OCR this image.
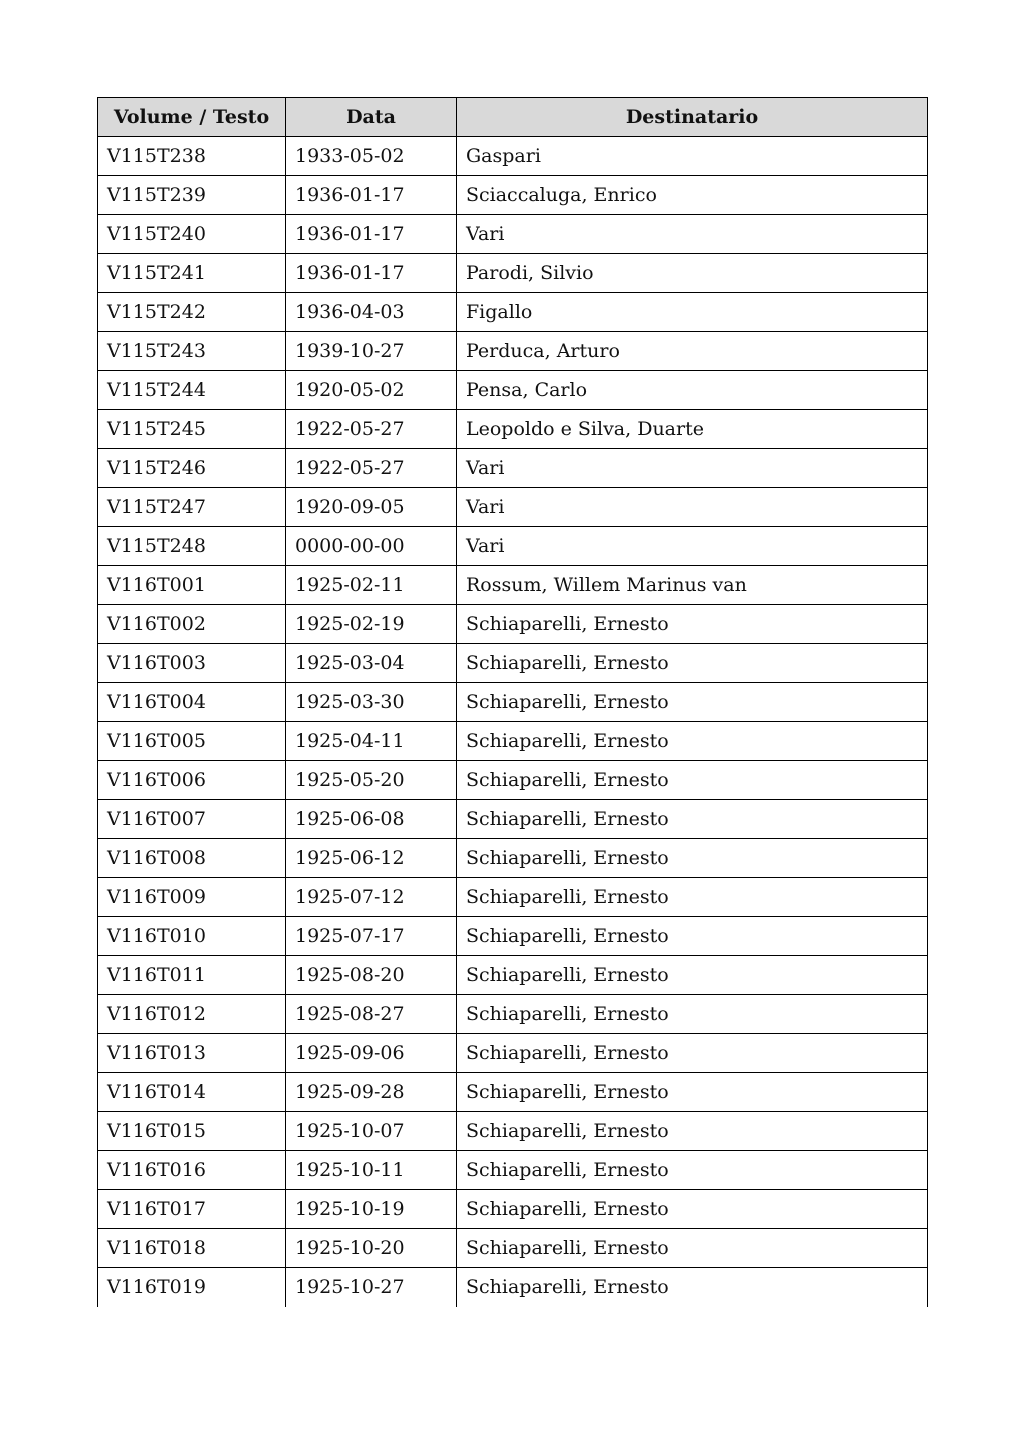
Volume / Testo	Data	Destinatario
V115T238	1933-05-02	Gaspari
V115T239	1936-01-17	Sciaccaluga, Enrico
V115T240	1936-01-17	Vari
V115T241	1936-01-17	Parodi, Silvio
V115T242	1936-04-03	Figallo
V115T243	1939-10-27	Perduca, Arturo
V115T244	1920-05-02	Pensa, Carlo
V115T245	1922-05-27	Leopoldo e Silva, Duarte
V115T246	1922-05-27	Vari
V115T247	1920-09-05	Vari
V115T248	0000-00-00	Vari
V116T001	1925-02-11	Rossum, Willem Marinus van
V116T002	1925-02-19	Schiaparelli, Ernesto
V116T003	1925-03-04	Schiaparelli, Ernesto
V116T004	1925-03-30	Schiaparelli, Ernesto
V116T005	1925-04-11	Schiaparelli, Ernesto
V116T006	1925-05-20	Schiaparelli, Ernesto
V116T007	1925-06-08	Schiaparelli, Ernesto
V116T008	1925-06-12	Schiaparelli, Ernesto
V116T009	1925-07-12	Schiaparelli, Ernesto
V116T010	1925-07-17	Schiaparelli, Ernesto
V116T011	1925-08-20	Schiaparelli, Ernesto
V116T012	1925-08-27	Schiaparelli, Ernesto
V116T013	1925-09-06	Schiaparelli, Ernesto
V116T014	1925-09-28	Schiaparelli, Ernesto
V116T015	1925-10-07	Schiaparelli, Ernesto
V116T016	1925-10-11	Schiaparelli, Ernesto
V116T017	1925-10-19	Schiaparelli, Ernesto
V116T018	1925-10-20	Schiaparelli, Ernesto
V116T019	1925-10-27	Schiaparelli, Ernesto
